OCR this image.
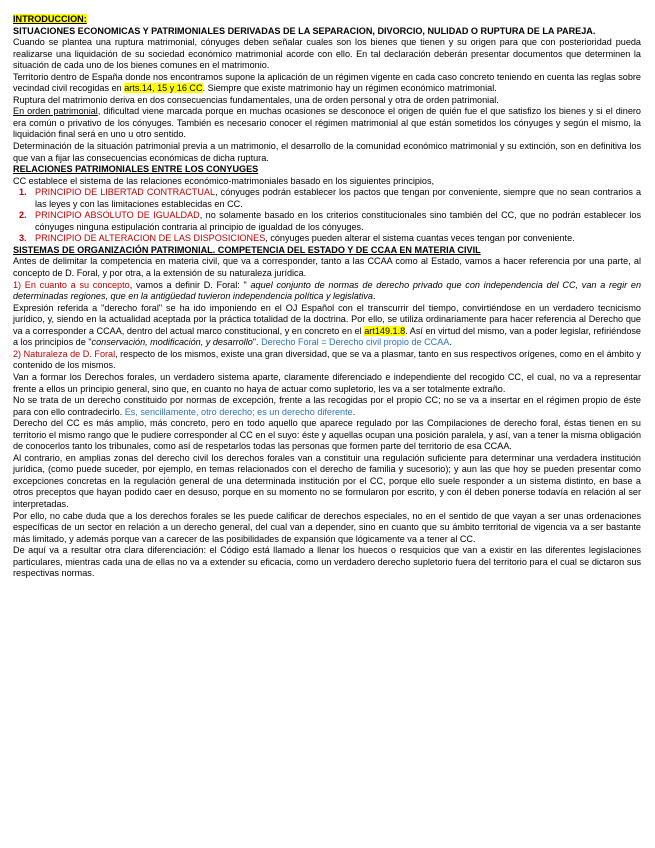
INTRODUCCION:

SITUACIONES ECONOMICAS Y PATRIMONIALES DERIVADAS DE LA SEPARACION, DIVORCIO, NULIDAD O RUPTURA DE LA PAREJA.

Cuando se plantea una ruptura matrimonial, cónyuges deben señalar cuales son los bienes que tienen y su origen para que con posterioridad pueda realizarse una liquidación de su sociedad económico matrimonial acorde con ello. En tal declaración deberán presentar documentos que determinen la situación de cada uno de los bienes comunes en el matrimonio.

Territorio dentro de España donde nos encontramos supone la aplicación de un régimen vigente en cada caso concreto teniendo en cuenta las reglas sobre vecindad civil recogidas en arts.14, 15 y 16 CC. Siempre que existe matrimonio hay un régimen económico matrimonial.

Ruptura del matrimonio deriva en dos consecuencias fundamentales, una de orden personal y otra de orden patrimonial.

En orden patrimonial, dificultad viene marcada porque en muchas ocasiones se desconoce el origen de quién fue el que satisfizo los bienes y si el dinero era común o privativo de los cónyuges. También es necesario conocer el régimen matrimonial al que están sometidos los cónyuges y según el mismo, la liquidación final será en uno u otro sentido.

Determinación de la situación patrimonial previa a un matrimonio, el desarrollo de la comunidad económico matrimonial y su extinción, son en definitiva los que van a fijar las consecuencias económicas de dicha ruptura.

RELACIONES PATRIMONIALES ENTRE LOS CONYUGES

CC establece el sistema de las relaciones económico-matrimoniales basado en los siguientes principios,

1. PRINCIPIO DE LIBERTAD CONTRACTUAL, cónyuges podrán establecer los pactos que tengan por conveniente, siempre que no sean contrarios a las leyes y con las limitaciones establecidas en CC.
2. PRINCIPIO ABSOLUTO DE IGUALDAD, no solamente basado en los criterios constitucionales sino también del CC, que no podrán establecer los cónyuges ninguna estipulación contraria al principio de igualdad de los cónyuges.
3. PRINCIPIO DE ALTERACION DE LAS DISPOSICIONES, cónyuges pueden alterar el sistema cuantas veces tengan por conveniente.

SISTEMAS DE ORGANIZACIÓN PATRIMONIAL. COMPETENCIA DEL ESTADO Y DE CCAA EN MATERIA CIVIL

Antes de delimitar la competencia en materia civil, que va a corresponder, tanto a las CCAA como al Estado, vamos a hacer referencia por una parte, al concepto de D. Foral, y por otra, a la extensión de su naturaleza jurídica.

1) En cuanto a su concepto, vamos a definir D. Foral: " aquel conjunto de normas de derecho privado que con independencia del CC, van a regir en determinadas regiones, que en la antigüedad tuvieron independencia política y legislativa.

Expresión referida a "derecho foral" se ha ido imponiendo en el OJ Español con el transcurrir del tiempo, convirtiéndose en un verdadero tecnicismo jurídico, y, siendo en la actualidad aceptada por la práctica totalidad de la doctrina. Por ello, se utiliza ordinariamente para hacer referencia al Derecho que va a corresponder a CCAA, dentro del actual marco constitucional, y en concreto en el art149.1.8. Así en virtud del mismo, van a poder legislar, refiriéndose a los principios de "conservación, modificación, y desarrollo". Derecho Foral = Derecho civil propio de CCAA.

2) Naturaleza de D. Foral, respecto de los mismos, existe una gran diversidad, que se va a plasmar, tanto en sus respectivos orígenes, como en el ámbito y contenido de los mismos.

Van a formar los Derechos forales, un verdadero sistema aparte, claramente diferenciado e independiente del recogido CC, el cual, no va a representar frente a ellos un principio general, sino que, en cuanto no haya de actuar como supletorio, les va a ser totalmente extraño.

No se trata de un derecho constituido por normas de excepción, frente a las recogidas por el propio CC; no se va a insertar en el régimen propio de éste para con ello contradecirlo. Es, sencillamente, otro derecho; es un derecho diferente.

Derecho del CC es más amplio, más concreto, pero en todo aquello que aparece regulado por las Compilaciones de derecho foral, éstas tienen en su territorio el mismo rango que le pudiere corresponder al CC en el suyo: éste y aquellas ocupan una posición paralela, y así, van a tener la misma obligación de conocerlos tanto los tribunales, como así de respetarlos todas las personas que formen parte del territorio de esa CCAA.

Al contrario, en amplias zonas del derecho civil los derechos forales van a constituir una regulación suficiente para determinar una verdadera institución jurídica, (como puede suceder, por ejemplo, en temas relacionados con el derecho de familia y sucesorio); y aun las que hoy se pueden presentar como excepciones concretas en la regulación general de una determinada institución por el CC, porque ello suele responder a un sistema distinto, en base a otros preceptos que hayan podido caer en desuso, porque en su momento no se formularon por escrito, y con él deben ponerse todavía en relación al ser interpretadas.

Por ello, no cabe duda que a los derechos forales se les puede calificar de derechos especiales, no en el sentido de que vayan a ser unas ordenaciones específicas de un sector en relación a un derecho general, del cual van a depender, sino en cuanto que su ámbito territorial de vigencia va a ser bastante más limitado, y además porque van a carecer de las posibilidades de expansión que lógicamente va a tener al CC.

De aquí va a resultar otra clara diferenciación: el Código está llamado a llenar los huecos o resquicios que van a existir en las diferentes legislaciones particulares, mientras cada una de ellas no va a extender su eficacia, como un verdadero derecho supletorio fuera del territorio para el cual se dictaron sus respectivas normas.
